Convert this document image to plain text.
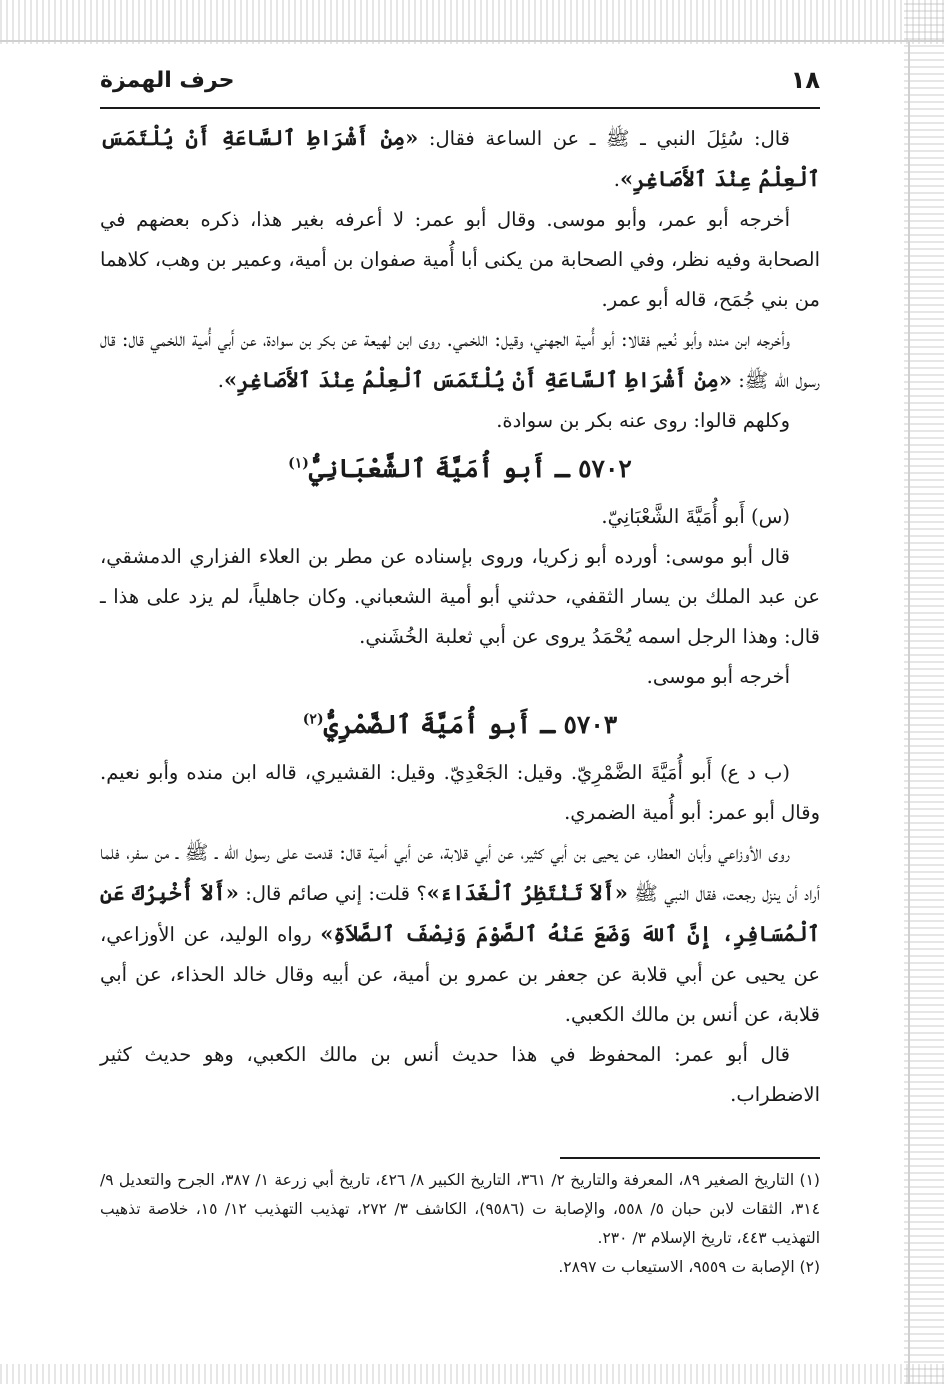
١٨
حرف الهمزة

قال: سُئِلَ النبي ـ ﷺ ـ عن الساعة فقال: «مِنْ أَشْرَاطِ ٱلسَّاعَةِ أَنْ يُلْتَمَسَ ٱلْعِلْمُ عِنْدَ ٱلأَصَاغِرِ».

أخرجه أبو عمر، وأبو موسى. وقال أبو عمر: لا أعرفه بغير هذا، ذكره بعضهم في الصحابة وفيه نظر، وفي الصحابة من يكنى أبا أُمية صفوان بن أمية، وعمير بن وهب، كلاهما من بني جُمَح، قاله أبو عمر.

وأخرجه ابن منده وأبو نُعيم فقالا: أبو أُمية الجهني، وقيل: اللخمي. روى ابن لهيعة عن بكر بن سوادة، عن أَبي أُمية اللخمي قال: قال رسول الله ﷺ: «مِنْ أَشْرَاطِ ٱلسَّاعَةِ أَنْ يُلْتَمَسَ ٱلْعِلْمُ عِنْدَ ٱلأَصَاغِرِ».

وكلهم قالوا: روى عنه بكر بن سوادة.

٥٧٠٢ ـ أَبو أُمَيَّةَ ٱلشَّعْبَانِيُّ$^{(١)}$

(س) أَبو أُمَيَّةَ الشَّعْبَانِيّ.

قال أبو موسى: أورده أبو زكريا، وروى بإسناده عن مطر بن العلاء الفزاري الدمشقي، عن عبد الملك بن يسار الثقفي، حدثني أبو أمية الشعباني. وكان جاهلياً، لم يزد على هذا ـ قال: وهذا الرجل اسمه يُحْمَدُ يروى عن أبي ثعلبة الخُشَني.

أخرجه أبو موسى.

٥٧٠٣ ـ أَبو أُمَيَّةَ ٱلضَّمْرِيُّ$^{(٢)}$

(ب د ع) أَبو أُمَيَّةَ الضَّمْرِيّ. وقيل: الجَعْدِيّ. وقيل: القشيري، قاله ابن منده وأبو نعيم. وقال أبو عمر: أبو أُمية الضمري.

روى الأوزاعي وأبان العطار، عن يحيى بن أبي كثير، عن أبي قلابة، عن أبي أمية قال: قدمت على رسول الله ـ ﷺ ـ من سفر، فلما أراد أن ينزل رجعت، فقال النبي ﷺ «أَلاَ تَنْتَظِرُ ٱلْغَدَاءَ»؟ قلت: إني صائم قال: «أَلاَ أُخْبِرُكَ عَنِ ٱلْمُسَافِرِ، إِنَّ ٱللهَ وَضَعَ عَنْهُ ٱلصَّوْمَ وَنِصْفَ ٱلصَّلاَةِ» رواه الوليد، عن الأوزاعي، عن يحيى عن أبي قلابة عن جعفر بن عمرو بن أمية، عن أبيه وقال خالد الحذاء، عن أبي قلابة، عن أنس بن مالك الكعبي.

قال أبو عمر: المحفوظ في هذا حديث أنس بن مالك الكعبي، وهو حديث كثير الاضطراب.

(١) التاريخ الصغير ٨٩، المعرفة والتاريخ ٢/ ٣٦١، التاريخ الكبير ٨/ ٤٢٦، تاريخ أبي زرعة ١/ ٣٨٧، الجرح والتعديل ٩/ ٣١٤، الثقات لابن حبان ٥/ ٥٥٨، والإصابة ت (٩٥٨٦)، الكاشف ٣/ ٢٧٢، تهذيب التهذيب ١٢/ ١٥، خلاصة تذهيب التهذيب ٤٤٣، تاريخ الإسلام ٣/ ٢٣٠.

(٢) الإصابة ت ٩٥٥٩، الاستيعاب ت ٢٨٩٧.
